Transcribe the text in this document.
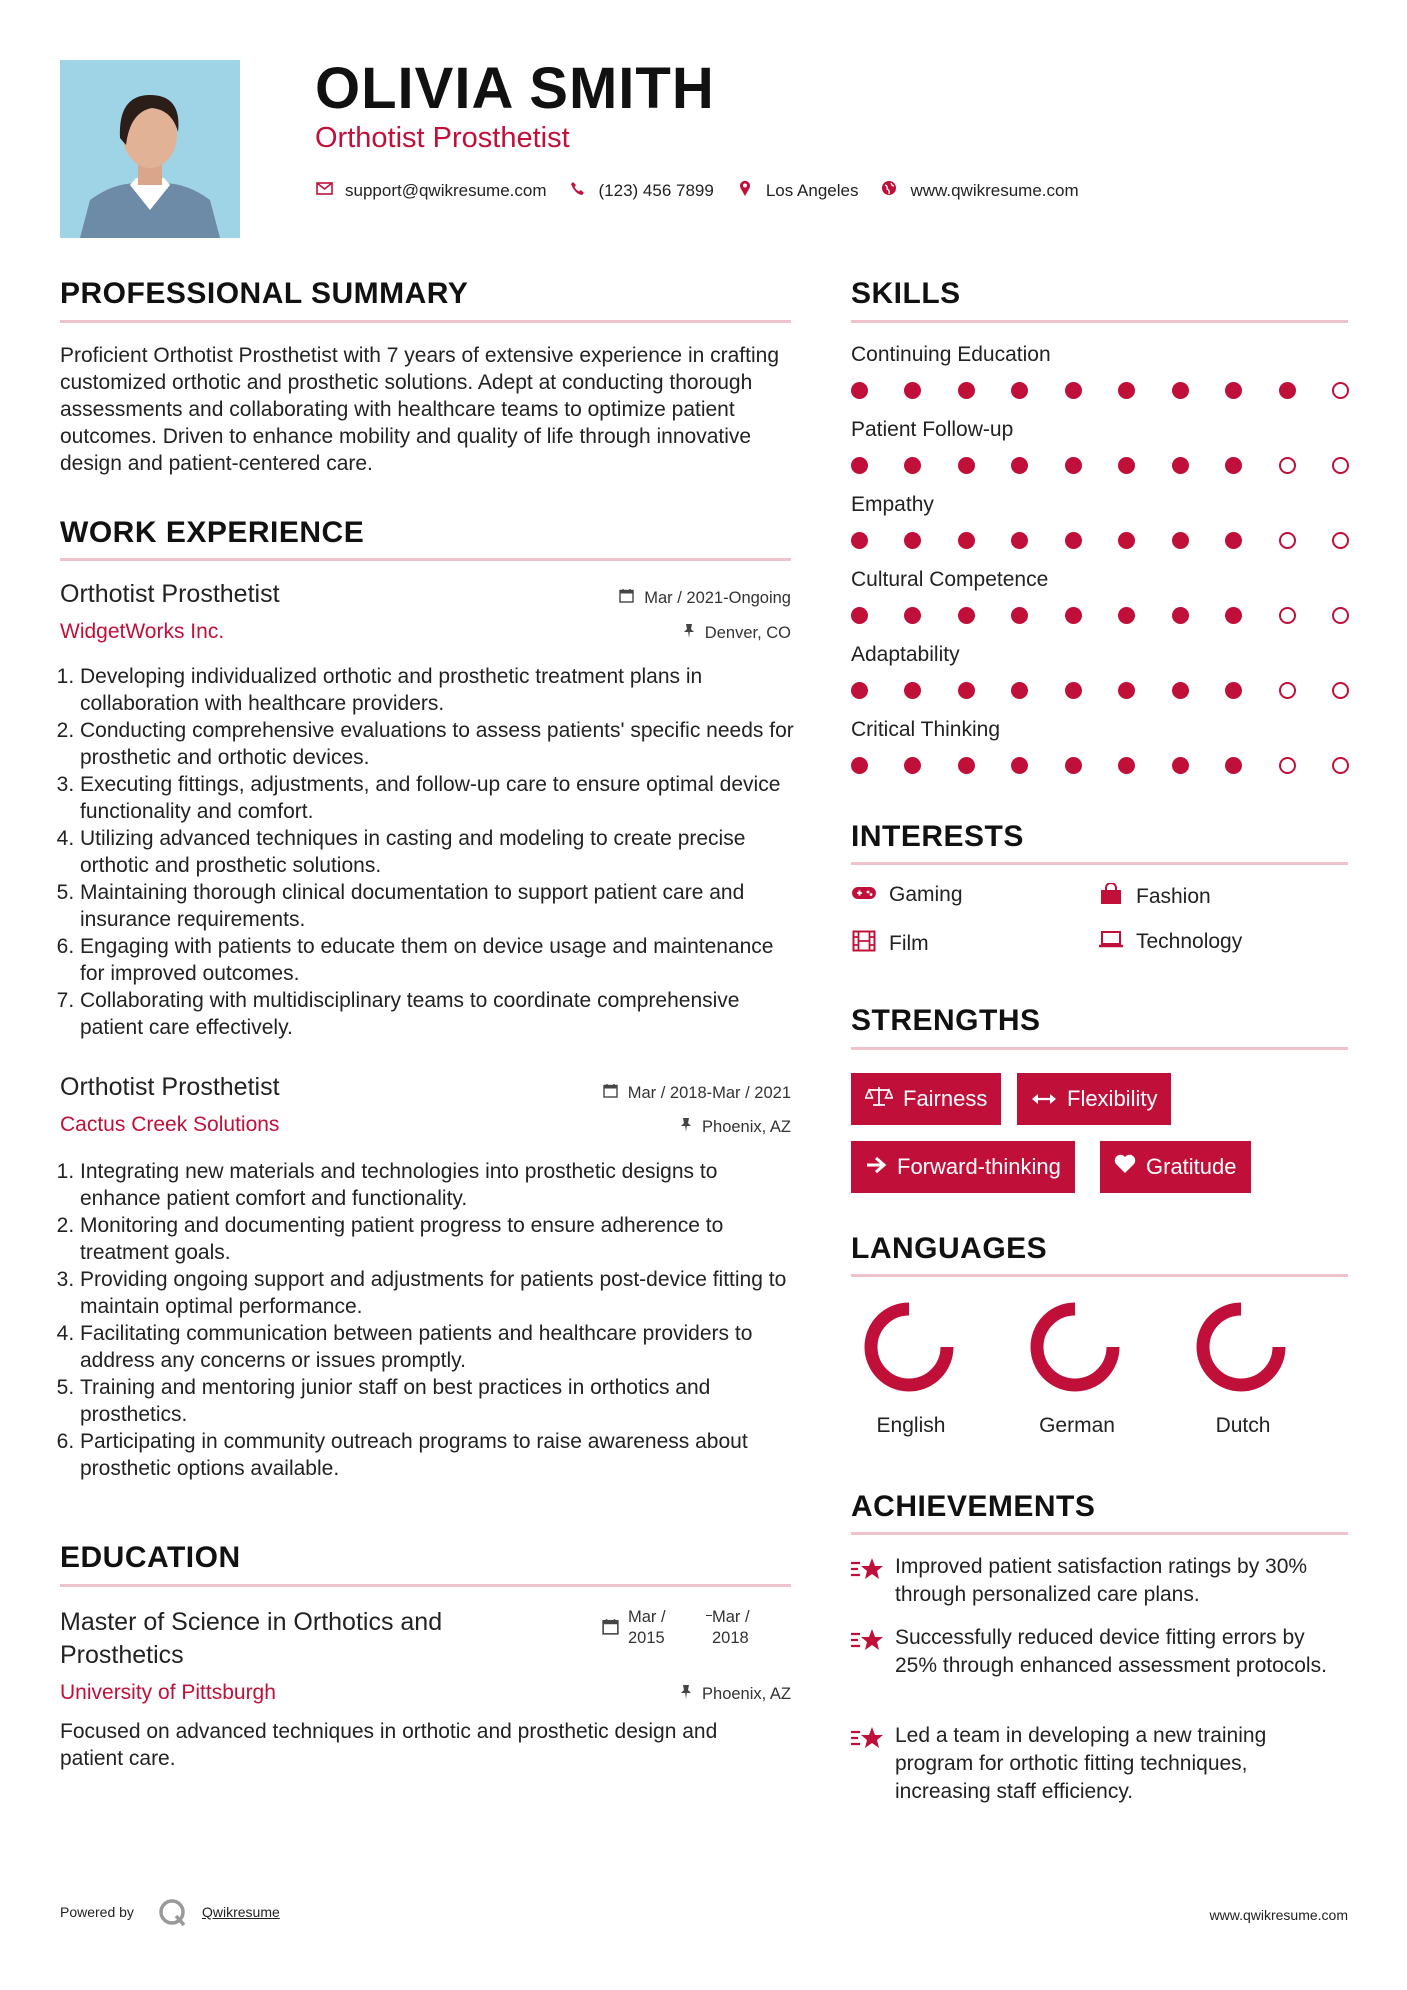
OLIVIA SMITH
Orthotist Prosthetist
support@qwikresume.com	(123) 456 7899	Los Angeles	www.qwikresume.com
PROFESSIONAL SUMMARY
Proficient Orthotist Prosthetist with 7 years of extensive experience in crafting customized orthotic and prosthetic solutions. Adept at conducting thorough assessments and collaborating with healthcare teams to optimize patient outcomes. Driven to enhance mobility and quality of life through innovative design and patient-centered care.
WORK EXPERIENCE
Orthotist Prosthetist	Mar / 2021-Ongoing
WidgetWorks Inc.	Denver, CO
1. Developing individualized orthotic and prosthetic treatment plans in collaboration with healthcare providers.
2. Conducting comprehensive evaluations to assess patients' specific needs for prosthetic and orthotic devices.
3. Executing fittings, adjustments, and follow-up care to ensure optimal device functionality and comfort.
4. Utilizing advanced techniques in casting and modeling to create precise orthotic and prosthetic solutions.
5. Maintaining thorough clinical documentation to support patient care and insurance requirements.
6. Engaging with patients to educate them on device usage and maintenance for improved outcomes.
7. Collaborating with multidisciplinary teams to coordinate comprehensive patient care effectively.
Orthotist Prosthetist	Mar / 2018-Mar / 2021
Cactus Creek Solutions	Phoenix, AZ
1. Integrating new materials and technologies into prosthetic designs to enhance patient comfort and functionality.
2. Monitoring and documenting patient progress to ensure adherence to treatment goals.
3. Providing ongoing support and adjustments for patients post-device fitting to maintain optimal performance.
4. Facilitating communication between patients and healthcare providers to address any concerns or issues promptly.
5. Training and mentoring junior staff on best practices in orthotics and prosthetics.
6. Participating in community outreach programs to raise awareness about prosthetic options available.
EDUCATION
Master of Science in Orthotics and Prosthetics
Mar / 2015
Mar / 2018
University of Pittsburgh	Phoenix, AZ
Focused on advanced techniques in orthotic and prosthetic design and patient care.
SKILLS
Continuing Education
Patient Follow-up
Empathy
Cultural Competence
Adaptability
Critical Thinking
INTERESTS
Gaming	Fashion
Film	Technology
STRENGTHS
Fairness	Flexibility
Forward-thinking	Gratitude
LANGUAGES
English	German	Dutch
ACHIEVEMENTS
Improved patient satisfaction ratings by 30% through personalized care plans.
Successfully reduced device fitting errors by 25% through enhanced assessment protocols.
Led a team in developing a new training program for orthotic fitting techniques, increasing staff efficiency.
Powered by	Qwikresume	www.qwikresume.com
